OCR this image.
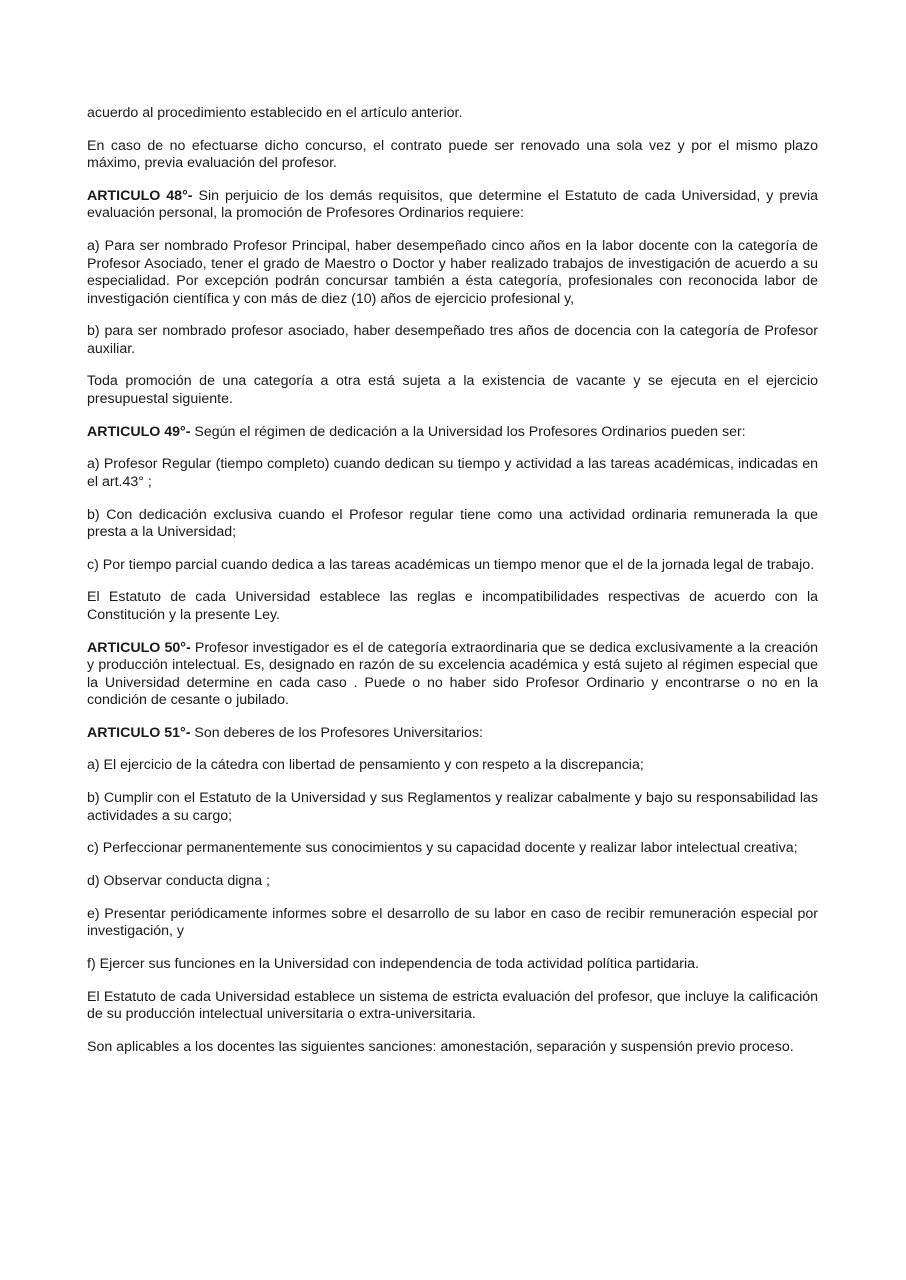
acuerdo al procedimiento establecido en el artículo anterior.

En caso de no efectuarse dicho concurso, el contrato puede ser renovado una sola vez y por el mismo plazo máximo, previa evaluación del profesor.

ARTICULO 48°- Sin perjuicio de los demás requisitos, que determine el Estatuto de cada Universidad, y previa evaluación personal, la promoción de Profesores Ordinarios requiere:

a) Para ser nombrado Profesor Principal, haber desempeñado cinco años en la labor docente con la categoría de Profesor Asociado, tener el grado de Maestro o Doctor y haber realizado trabajos de investigación de acuerdo a su especialidad. Por excepción podrán concursar también a ésta categoría, profesionales con reconocida labor de investigación científica y con más de diez (10) años de ejercicio profesional y,

b) para ser nombrado profesor asociado, haber desempeñado tres años de docencia con la categoría de Profesor auxiliar.

Toda promoción de una categoría a otra está sujeta a la existencia de vacante y se ejecuta en el ejercicio presupuestal siguiente.

ARTICULO 49°- Según el régimen de dedicación a la Universidad los Profesores Ordinarios pueden ser:

a) Profesor Regular (tiempo completo) cuando dedican su tiempo y actividad a las tareas académicas, indicadas en el art.43° ;

b) Con dedicación exclusiva cuando el Profesor regular tiene como una actividad ordinaria remunerada la que presta a la Universidad;

c) Por tiempo parcial cuando dedica a las tareas académicas un tiempo menor que el de la jornada legal de trabajo.

El Estatuto de cada Universidad establece las reglas e incompatibilidades respectivas de acuerdo con la Constitución y la presente Ley.

ARTICULO 50°- Profesor investigador es el de categoría extraordinaria que se dedica exclusivamente a la creación y producción intelectual. Es, designado en razón de su excelencia académica y está sujeto al régimen especial que la Universidad determine en cada caso . Puede o no haber sido Profesor Ordinario y encontrarse o no en la condición de cesante o jubilado.

ARTICULO 51°- Son deberes de los Profesores Universitarios:

a) El ejercicio de la cátedra con libertad de pensamiento y con respeto a la discrepancia;

b) Cumplir con el Estatuto de la Universidad y sus Reglamentos y realizar cabalmente y bajo su responsabilidad las actividades a su cargo;

c) Perfeccionar permanentemente sus conocimientos y su capacidad docente y realizar labor intelectual creativa;

d) Observar conducta digna ;

e) Presentar periódicamente informes sobre el desarrollo de su labor en caso de recibir remuneración especial por investigación, y

f) Ejercer sus funciones en la Universidad con independencia de toda actividad política partidaria.

El Estatuto de cada Universidad establece un sistema de estricta evaluación del profesor, que incluye la calificación de su producción intelectual universitaria o extra-universitaria.

Son aplicables a los docentes las siguientes sanciones: amonestación, separación y suspensión previo proceso.
